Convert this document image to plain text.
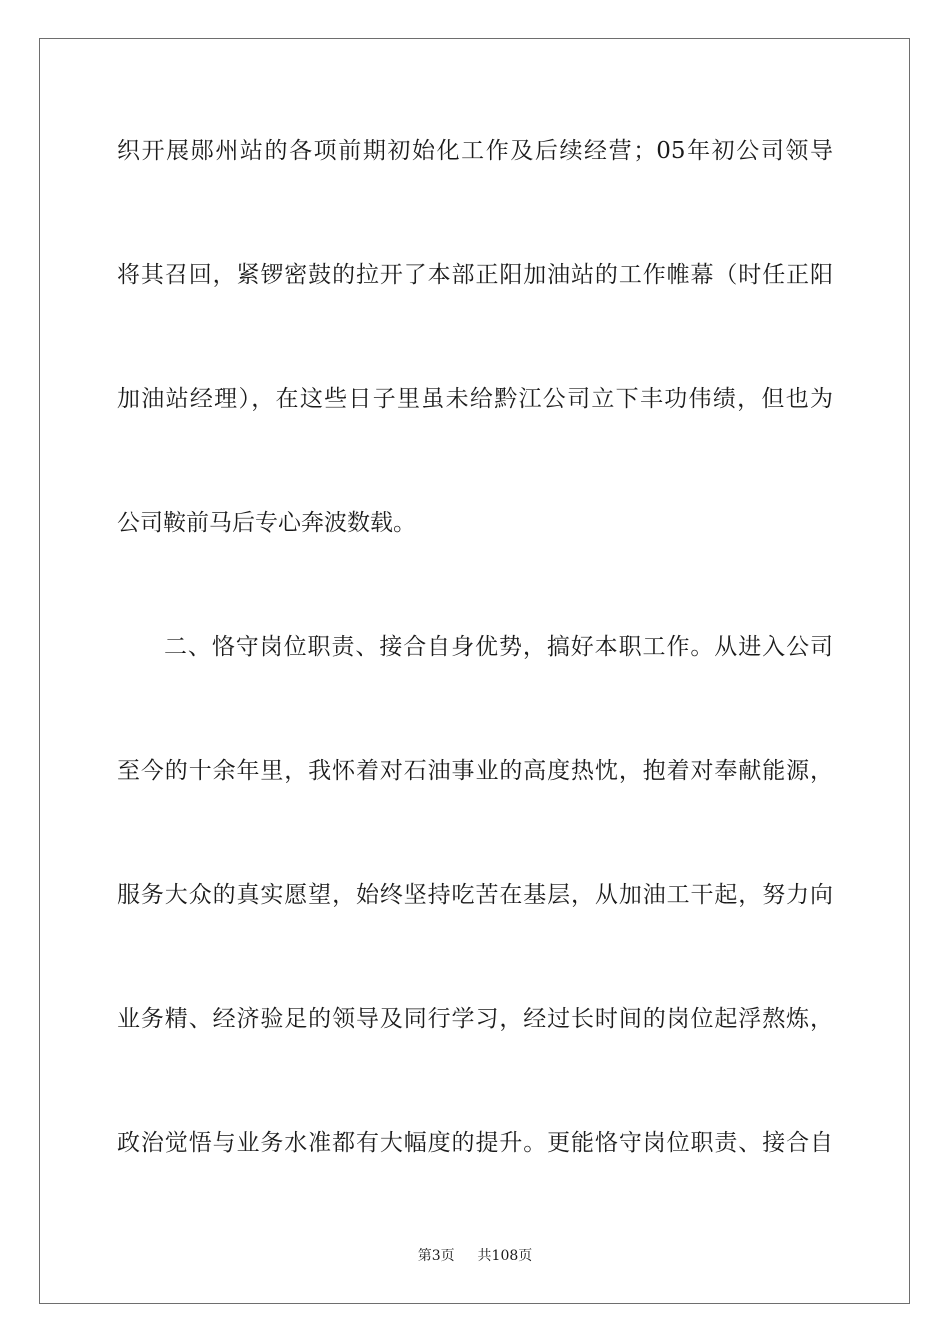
织开展郧州站的各项前期初始化工作及后续经营；05年初公司领导
将其召回，紧锣密鼓的拉开了本部正阳加油站的工作帷幕（时任正阳
加油站经理），在这些日子里虽未给黔江公司立下丰功伟绩，但也为
公司鞍前马后专心奔波数载。
二、恪守岗位职责、接合自身优势，搞好本职工作。从进入公司
至今的十余年里，我怀着对石油事业的高度热忱，抱着对奉献能源，
服务大众的真实愿望，始终坚持吃苦在基层，从加油工干起，努力向
业务精、经济验足的领导及同行学习，经过长时间的岗位起浮熬炼，
政治觉悟与业务水准都有大幅度的提升。更能恪守岗位职责、接合自
第3页 共108页
